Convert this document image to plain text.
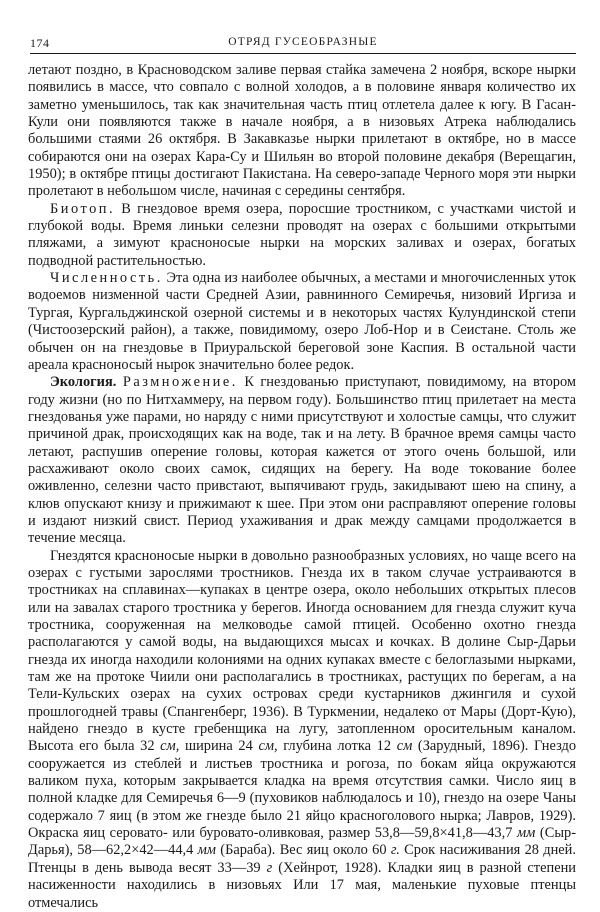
174	ОТРЯД ГУСЕОБРАЗНЫЕ

летают поздно, в Красноводском заливе первая стайка замечена 2 ноября, вскоре нырки появились в массе, что совпало с волной холодов, а в половине января количество их заметно уменьшилось, так как значительная часть птиц отлетела далее к югу. В Гасан-Кули они появляются также в начале ноября, а в низовьях Атрека наблюдались большими стаями 26 октября. В Закавказье нырки прилетают в октябре, но в массе собираются они на озерах Кара-Су и Шильян во второй половине декабря (Верещагин, 1950); в октябре птицы достигают Пакистана. На северо-западе Черного моря эти нырки пролетают в небольшом числе, начиная с середины сентября.

Биотоп. В гнездовое время озера, поросшие тростником, с участками чистой и глубокой воды. Время линьки селезни проводят на озерах с большими открытыми пляжами, а зимуют красноносые нырки на морских заливах и озерах, богатых подводной растительностью.

Численность. Эта одна из наиболее обычных, а местами и многочисленных уток водоемов низменной части Средней Азии, равнинного Семиречья, низовий Иргиза и Тургая, Кургальджинской озерной системы и в некоторых частях Кулундинской степи (Чистоозерский район), а также, повидимому, озеро Лоб-Нор и в Сеистане. Столь же обычен он на гнездовье в Приуральской береговой зоне Каспия. В остальной части ареала красноносый нырок значительно более редок.

Экология. Размножение. К гнездованью приступают, повидимому, на втором году жизни (но по Нитхаммеру, на первом году). Большинство птиц прилетает на места гнездованья уже парами, но наряду с ними присутствуют и холостые самцы, что служит причиной драк, происходящих как на воде, так и на лету. В брачное время самцы часто летают, распушив оперение головы, которая кажется от этого очень большой, или расхаживают около своих самок, сидящих на берегу. На воде токование более оживленно, селезни часто привстают, выпячивают грудь, закидывают шею на спину, а клюв опускают книзу и прижимают к шее. При этом они расправляют оперение головы и издают низкий свист. Период ухаживания и драк между самцами продолжается в течение месяца.

Гнездятся красноносые нырки в довольно разнообразных условиях, но чаще всего на озерах с густыми зарослями тростников. Гнезда их в таком случае устраиваются в тростниках на сплавинах—купаках в центре озера, около небольших открытых плесов или на завалах старого тростника у берегов. Иногда основанием для гнезда служит куча тростника, сооруженная на мелководье самой птицей. Особенно охотно гнезда располагаются у самой воды, на выдающихся мысах и кочках. В долине Сыр-Дарьи гнезда их иногда находили колониями на одних купаках вместе с белоглазыми нырками, там же на протоке Чиили они располагались в тростниках, растущих по берегам, а на Тели-Кульских озерах на сухих островах среди кустарников джингиля и сухой прошлогодней травы (Спангенберг, 1936). В Туркмении, недалеко от Мары (Дорт-Кую), найдено гнездо в кусте гребенщика на лугу, затопленном оросительным каналом. Высота его была 32 см, ширина 24 см, глубина лотка 12 см (Зарудный, 1896). Гнездо сооружается из стеблей и листьев тростника и рогоза, по бокам яйца окружаются валиком пуха, которым закрывается кладка на время отсутствия самки. Число яиц в полной кладке для Семиречья 6—9 (пуховиков наблюдалось и 10), гнездо на озере Чаны содержало 7 яиц (в этом же гнезде было 21 яйцо красноголового нырка; Лавров, 1929). Окраска яиц серовато- или буровато-оливковая, размер 53,8—59,8×41,8—43,7 мм (Сыр-Дарья), 58—62,2×42—44,4 мм (Бараба). Вес яиц около 60 г. Срок насиживания 28 дней. Птенцы в день вывода весят 33—39 г (Хейнрот, 1928). Кладки яиц в разной степени насиженности находились в низовьях Или 17 мая, маленькие пуховые птенцы отмечались
